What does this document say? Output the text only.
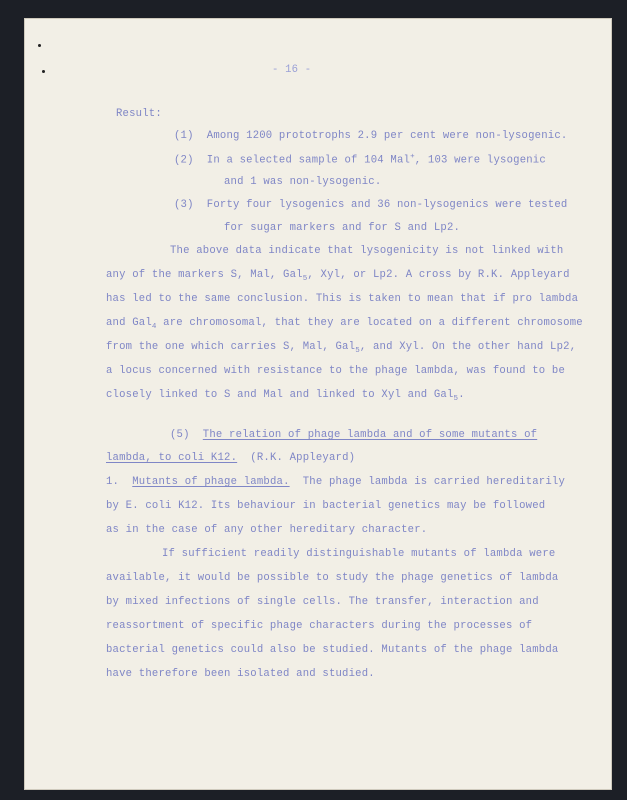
- 16 -
Result:
(1) Among 1200 prototrophs 2.9 per cent were non-lysogenic.
(2) In a selected sample of 104 Mal+, 103 were lysogenic
and 1 was non-lysogenic.
(3) Forty four lysogenics and 36 non-lysogenics were tested
for sugar markers and for S and Lp2.
The above data indicate that lysogenicity is not linked with
any of the markers S, Mal, Gal$_5$, Xyl, or Lp2. A cross by R.K. Appleyard
has led to the same conclusion. This is taken to mean that if pro lambda
and Gal$_4$ are chromosomal, that they are located on a different chromosome
from the one which carries S, Mal, Gal$_5$, and Xyl. On the other hand Lp2,
a locus concerned with resistance to the phage lambda, was found to be
closely linked to S and Mal and linked to Xyl and Gal$_5$.
(5) The relation of phage lambda and of some mutants of
lambda, to coli K12. (R.K. Appleyard)
1. Mutants of phage lambda. The phage lambda is carried hereditarily
by E. coli K12. Its behaviour in bacterial genetics may be followed
as in the case of any other hereditary character.
If sufficient readily distinguishable mutants of lambda were
available, it would be possible to study the phage genetics of lambda
by mixed infections of single cells. The transfer, interaction and
reassortment of specific phage characters during the processes of
bacterial genetics could also be studied. Mutants of the phage lambda
have therefore been isolated and studied.
